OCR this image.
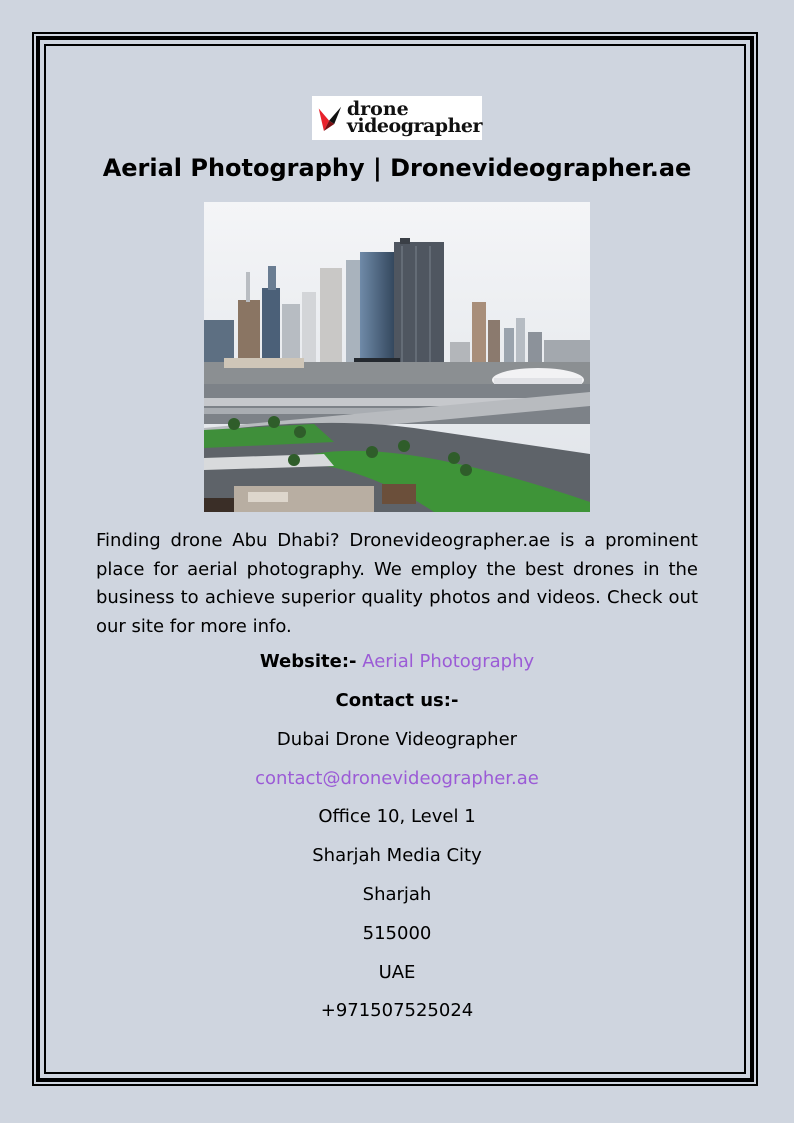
drone
videographer
Aerial Photography | Dronevideographer.ae
Finding drone Abu Dhabi? Dronevideographer.ae is a prominent place for aerial photography. We employ the best drones in the business to achieve superior quality photos and videos. Check out our site for more info.
Website:- Aerial Photography
Contact us:-
Dubai Drone Videographer
contact@dronevideographer.ae
Office 10, Level 1
Sharjah Media City
Sharjah
515000
UAE
+971507525024
